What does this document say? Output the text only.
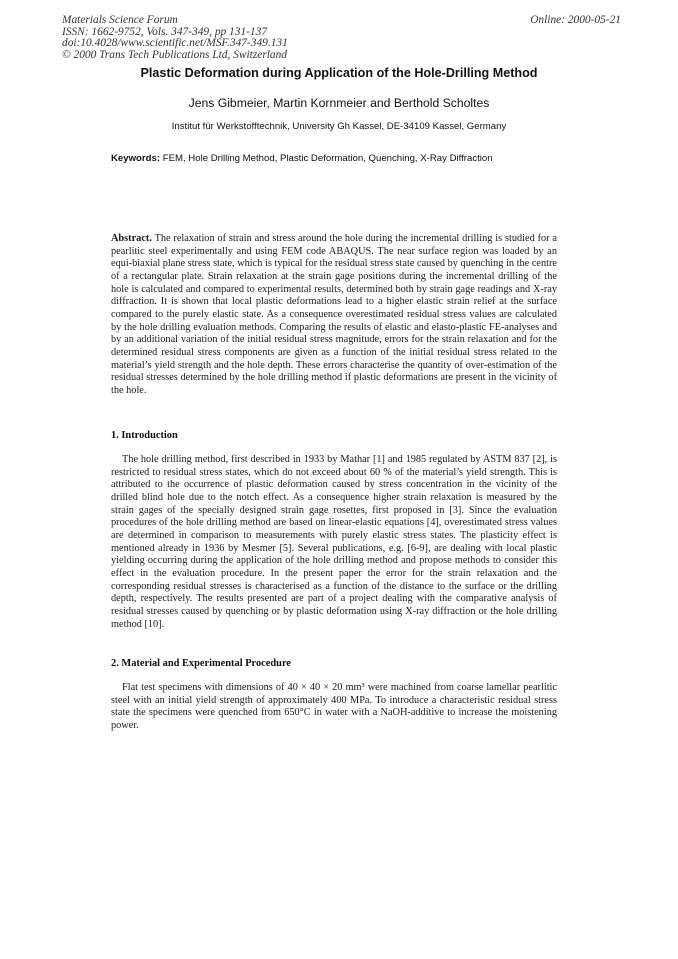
Materials Science Forum
ISSN: 1662-9752, Vols. 347-349, pp 131-137
doi:10.4028/www.scientific.net/MSF.347-349.131
© 2000 Trans Tech Publications Ltd, Switzerland
Online: 2000-05-21
Plastic Deformation during Application of the Hole-Drilling Method
Jens Gibmeier, Martin Kornmeier and Berthold Scholtes
Institut für Werkstofftechnik, University Gh Kassel, DE-34109 Kassel, Germany
Keywords: FEM, Hole Drilling Method, Plastic Deformation, Quenching, X-Ray Diffraction
Abstract. The relaxation of strain and stress around the hole during the incremental drilling is studied for a pearlitic steel experimentally and using FEM code ABAQUS. The near surface region was loaded by an equi-biaxial plane stress state, which is typical for the residual stress state caused by quenching in the centre of a rectangular plate. Strain relaxation at the strain gage positions during the incremental drilling of the hole is calculated and compared to experimental results, determined both by strain gage readings and X-ray diffraction. It is shown that local plastic deformations lead to a higher elastic strain relief at the surface compared to the purely elastic state. As a consequence overestimated residual stress values are calculated by the hole drilling evaluation methods. Comparing the results of elastic and elasto-plastic FE-analyses and by an additional variation of the initial residual stress magnitude, errors for the strain relaxation and for the determined residual stress components are given as a function of the initial residual stress related to the material’s yield strength and the hole depth. These errors characterise the quantity of over-estimation of the residual stresses determined by the hole drilling method if plastic deformations are present in the vicinity of the hole.
1. Introduction
The hole drilling method, first described in 1933 by Mathar [1] and 1985 regulated by ASTM 837 [2], is restricted to residual stress states, which do not exceed about 60 % of the material’s yield strength. This is attributed to the occurrence of plastic deformation caused by stress concentration in the vicinity of the drilled blind hole due to the notch effect. As a consequence higher strain relaxation is measured by the strain gages of the specially designed strain gage rosettes, first proposed in [3]. Since the evaluation procedures of the hole drilling method are based on linear-elastic equations [4], overestimated stress values are determined in comparison to measurements with purely elastic stress states. The plasticity effect is mentioned already in 1936 by Mesmer [5]. Several publications, e.g. [6-9], are dealing with local plastic yielding occurring during the application of the hole drilling method and propose methods to consider this effect in the evaluation procedure. In the present paper the error for the strain relaxation and the corresponding residual stresses is characterised as a function of the distance to the surface or the drilling depth, respectively. The results presented are part of a project dealing with the comparative analysis of residual stresses caused by quenching or by plastic deformation using X-ray diffraction or the hole drilling method [10].
2. Material and Experimental Procedure
Flat test specimens with dimensions of 40 × 40 × 20 mm³ were machined from coarse lamellar pearlitic steel with an initial yield strength of approximately 400 MPa. To introduce a characteristic residual stress state the specimens were quenched from 650°C in water with a NaOH-additive to increase the moistening power.
